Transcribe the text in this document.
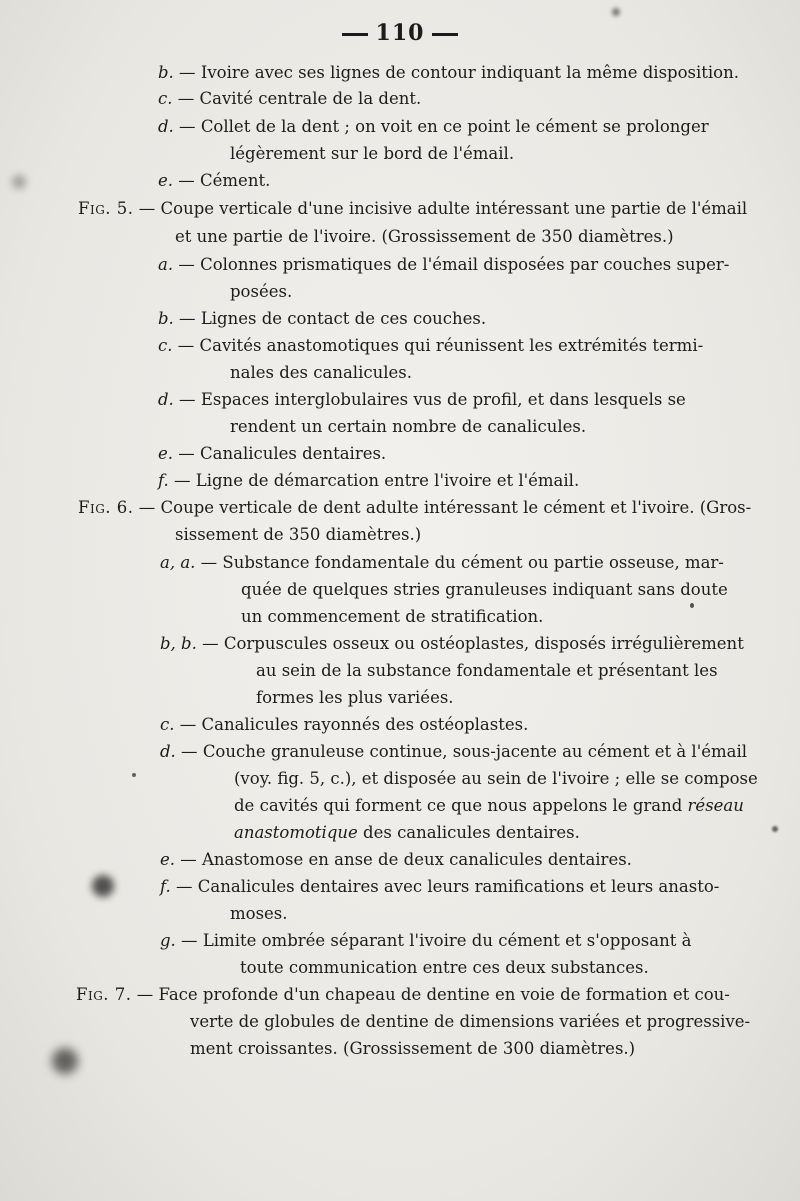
110
b. — Ivoire avec ses lignes de contour indiquant la même disposition.
c. — Cavité centrale de la dent.
d. — Collet de la dent ; on voit en ce point le cément se prolonger
légèrement sur le bord de l'émail.
e. — Cément.
Fig. 5. — Coupe verticale d'une incisive adulte intéressant une partie de l'émail
et une partie de l'ivoire. (Grossissement de 350 diamètres.)
a. — Colonnes prismatiques de l'émail disposées par couches super-
posées.
b. — Lignes de contact de ces couches.
c. — Cavités anastomotiques qui réunissent les extrémités termi-
nales des canalicules.
d. — Espaces interglobulaires vus de profil, et dans lesquels se
rendent un certain nombre de canalicules.
e. — Canalicules dentaires.
f. — Ligne de démarcation entre l'ivoire et l'émail.
Fig. 6. — Coupe verticale de dent adulte intéressant le cément et l'ivoire. (Gros-
sissement de 350 diamètres.)
a, a. — Substance fondamentale du cément ou partie osseuse, mar-
quée de quelques stries granuleuses indiquant sans doute
un commencement de stratification.
b, b. — Corpuscules osseux ou ostéoplastes, disposés irrégulièrement
au sein de la substance fondamentale et présentant les
formes les plus variées.
c. — Canalicules rayonnés des ostéoplastes.
d. — Couche granuleuse continue, sous-jacente au cément et à l'émail
(voy. fig. 5, c.), et disposée au sein de l'ivoire ; elle se compose
de cavités qui forment ce que nous appelons le grand réseau
anastomotique des canalicules dentaires.
e. — Anastomose en anse de deux canalicules dentaires.
f. — Canalicules dentaires avec leurs ramifications et leurs anasto-
moses.
g. — Limite ombrée séparant l'ivoire du cément et s'opposant à
toute communication entre ces deux substances.
Fig. 7. — Face profonde d'un chapeau de dentine en voie de formation et cou-
verte de globules de dentine de dimensions variées et progressive-
ment croissantes. (Grossissement de 300 diamètres.)
